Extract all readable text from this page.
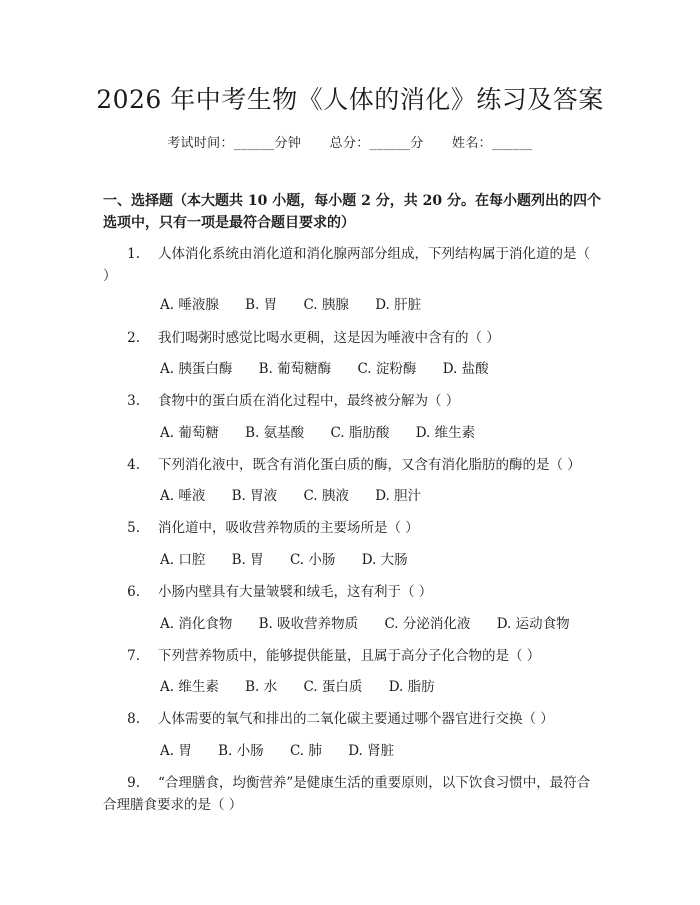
2026 年中考生物《人体的消化》练习及答案
考试时间：______分钟 总分：______分 姓名：______
一、选择题（本大题共 10 小题，每小题 2 分，共 20 分。在每小题列出的四个选项中，只有一项是最符合题目要求的）
1. 人体消化系统由消化道和消化腺两部分组成，下列结构属于消化道的是（ ）
A. 唾液腺 B. 胃 C. 胰腺 D. 肝脏
2. 我们喝粥时感觉比喝水更稠，这是因为唾液中含有的（ ）
A. 胰蛋白酶 B. 葡萄糖酶 C. 淀粉酶 D. 盐酸
3. 食物中的蛋白质在消化过程中，最终被分解为（ ）
A. 葡萄糖 B. 氨基酸 C. 脂肪酸 D. 维生素
4. 下列消化液中，既含有消化蛋白质的酶，又含有消化脂肪的酶的是（ ）
A. 唾液 B. 胃液 C. 胰液 D. 胆汁
5. 消化道中，吸收营养物质的主要场所是（ ）
A. 口腔 B. 胃 C. 小肠 D. 大肠
6. 小肠内壁具有大量皱襞和绒毛，这有利于（ ）
A. 消化食物 B. 吸收营养物质 C. 分泌消化液 D. 运动食物
7. 下列营养物质中，能够提供能量，且属于高分子化合物的是（ ）
A. 维生素 B. 水 C. 蛋白质 D. 脂肪
8. 人体需要的氧气和排出的二氧化碳主要通过哪个器官进行交换（ ）
A. 胃 B. 小肠 C. 肺 D. 肾脏
9. “合理膳食，均衡营养”是健康生活的重要原则，以下饮食习惯中，最符合合理膳食要求的是（ ）
